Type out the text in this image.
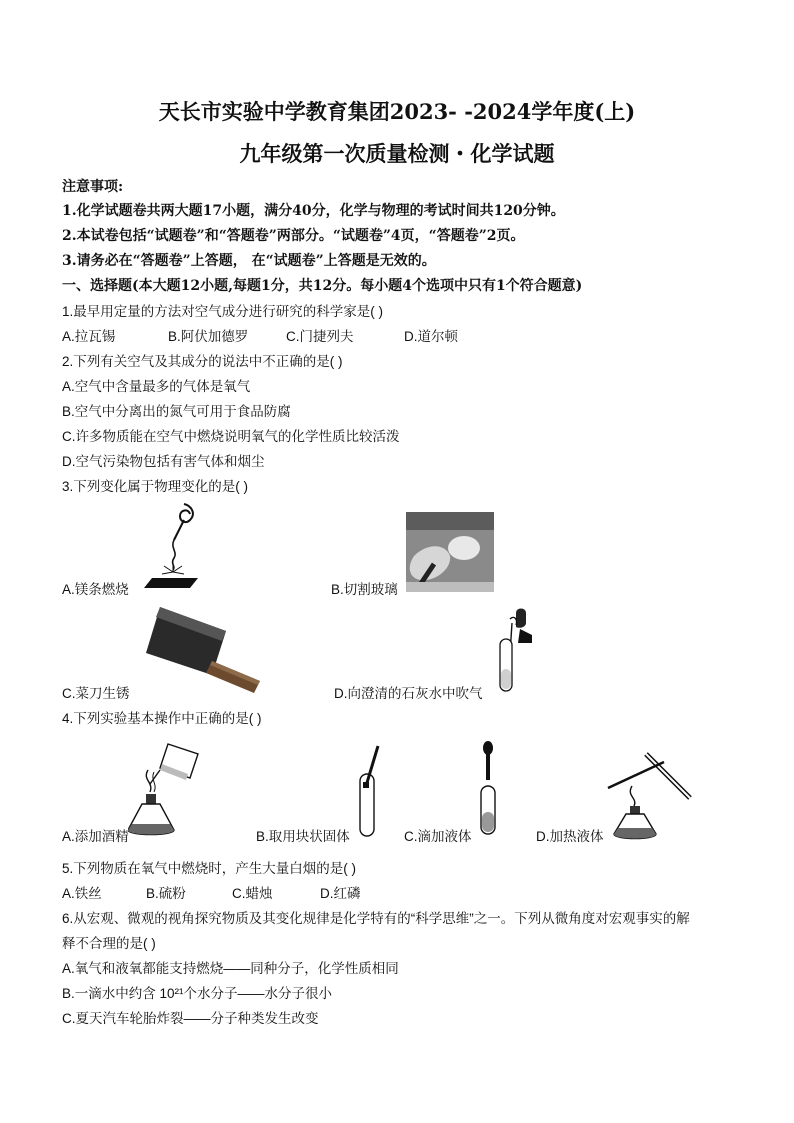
天长市实验中学教育集团2023- -2024学年度(上)
九年级第一次质量检测・化学试题
注意事项:
1.化学试题卷共两大题17小题，满分40分，化学与物理的考试时间共120分钟。
2.本试卷包括“试题卷”和“答题卷”两部分。“试题卷”4页，“答题卷”2页。
3.请务必在“答题卷”上答题， 在“试题卷”上答题是无效的。
一、选择题(本大题12小题,每题1分，共12分。每小题4个选项中只有1个符合题意)
1.最早用定量的方法对空气成分进行研究的科学家是( )
A.拉瓦锡	B.阿伏加德罗	C.门捷列夫	D.道尔顿
2.下列有关空气及其成分的说法中不正确的是( )
A.空气中含量最多的气体是氧气
B.空气中分离出的氮气可用于食品防腐
C.许多物质能在空气中燃烧说明氧气的化学性质比较活泼
D.空气污染物包括有害气体和烟尘
3.下列变化属于物理变化的是( )
A.镁条燃烧	B.切割玻璃
C.菜刀生锈	D.向澄清的石灰水中吹气
4.下列实验基本操作中正确的是( )
A.添加酒精	B.取用块状固体	C.滴加液体	D.加热液体
5.下列物质在氧气中燃烧时，产生大量白烟的是( )
A.铁丝	B.硫粉	C.蜡烛	D.红磷
6.从宏观、微观的视角探究物质及其变化规律是化学特有的“科学思维”之一。下列从微角度对宏观事实的解
释不合理的是( )
A.氧气和液氧都能支持燃烧——同种分子，化学性质相同
B.一滴水中约含 10²¹个水分子——水分子很小
C.夏天汽车轮胎炸裂——分子种类发生改变
